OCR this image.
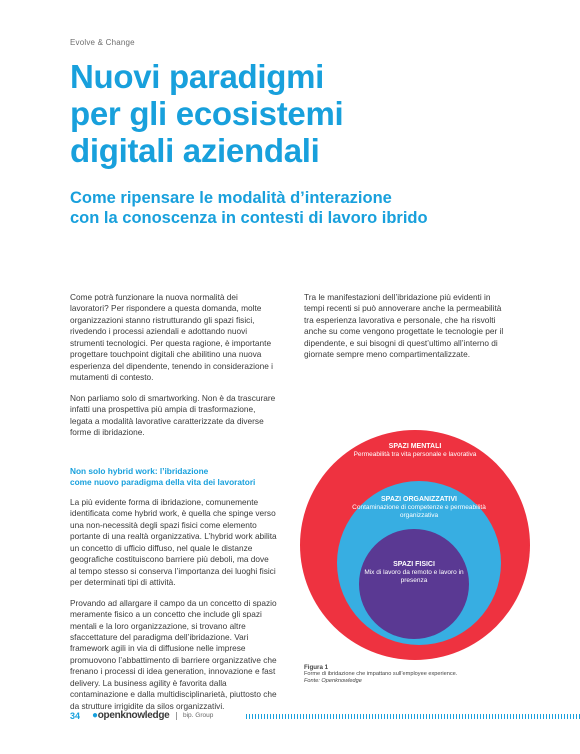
Evolve & Change
Nuovi paradigmi
per gli ecosistemi
digitali aziendali
Come ripensare le modalità d’interazione
con la conoscenza in contesti di lavoro ibrido

Come potrà funzionare la nuova normalità dei lavoratori? Per rispondere a questa domanda, molte organizzazioni stanno ristrutturando gli spazi fisici, rivedendo i processi aziendali e adottando nuovi strumenti tecnologici. Per questa ragione, è importante progettare touchpoint digitali che abilitino una nuova esperienza del dipendente, tenendo in considerazione i mutamenti di contesto.

Non parliamo solo di smartworking. Non è da trascurare infatti una prospettiva più ampia di trasformazione, legata a modalità lavorative caratterizzate da diverse forme di ibridazione.

Tra le manifestazioni dell’ibridazione più evidenti in tempi recenti si può annoverare anche la permeabilità tra esperienza lavorativa e personale, che ha risvolti anche su come vengono progettate le tecnologie per il dipendente, e sui bisogni di quest’ultimo all’interno di giornate sempre meno compartimentalizzate.

Non solo hybrid work: l’ibridazione
come nuovo paradigma della vita dei lavoratori

La più evidente forma di ibridazione, comunemente identificata come hybrid work, è quella che spinge verso una non-necessità degli spazi fisici come elemento portante di una realtà organizzativa. L’hybrid work abilita un concetto di ufficio diffuso, nel quale le distanze geografiche costituiscono barriere più deboli, ma dove al tempo stesso si conserva l’importanza dei luoghi fisici per determinati tipi di attività.

Provando ad allargare il campo da un concetto di spazio meramente fisico a un concetto che include gli spazi mentali e la loro organizzazione, si trovano altre sfaccettature del paradigma dell’ibridazione. Vari framework agili in via di diffusione nelle imprese promuovono l’abbattimento di barriere organizzative che frenano i processi di idea generation, innovazione e fast delivery. La business agility è favorita dalla contaminazione e dalla multidisciplinarietà, piuttosto che da strutture irrigidite da silos organizzativi.

SPAZI MENTALI
Permeabilità tra vita personale e lavorativa
SPAZI ORGANIZZATIVI
Contaminazione di competenze e permeabilità organizzativa
SPAZI FISICI
Mix di lavoro da remoto e lavoro in presenza
Figura 1
Forme di ibridazione che impattano sull’employee experience.
Fonte: Openknowledge
34 ●openknowledge bip. Group
